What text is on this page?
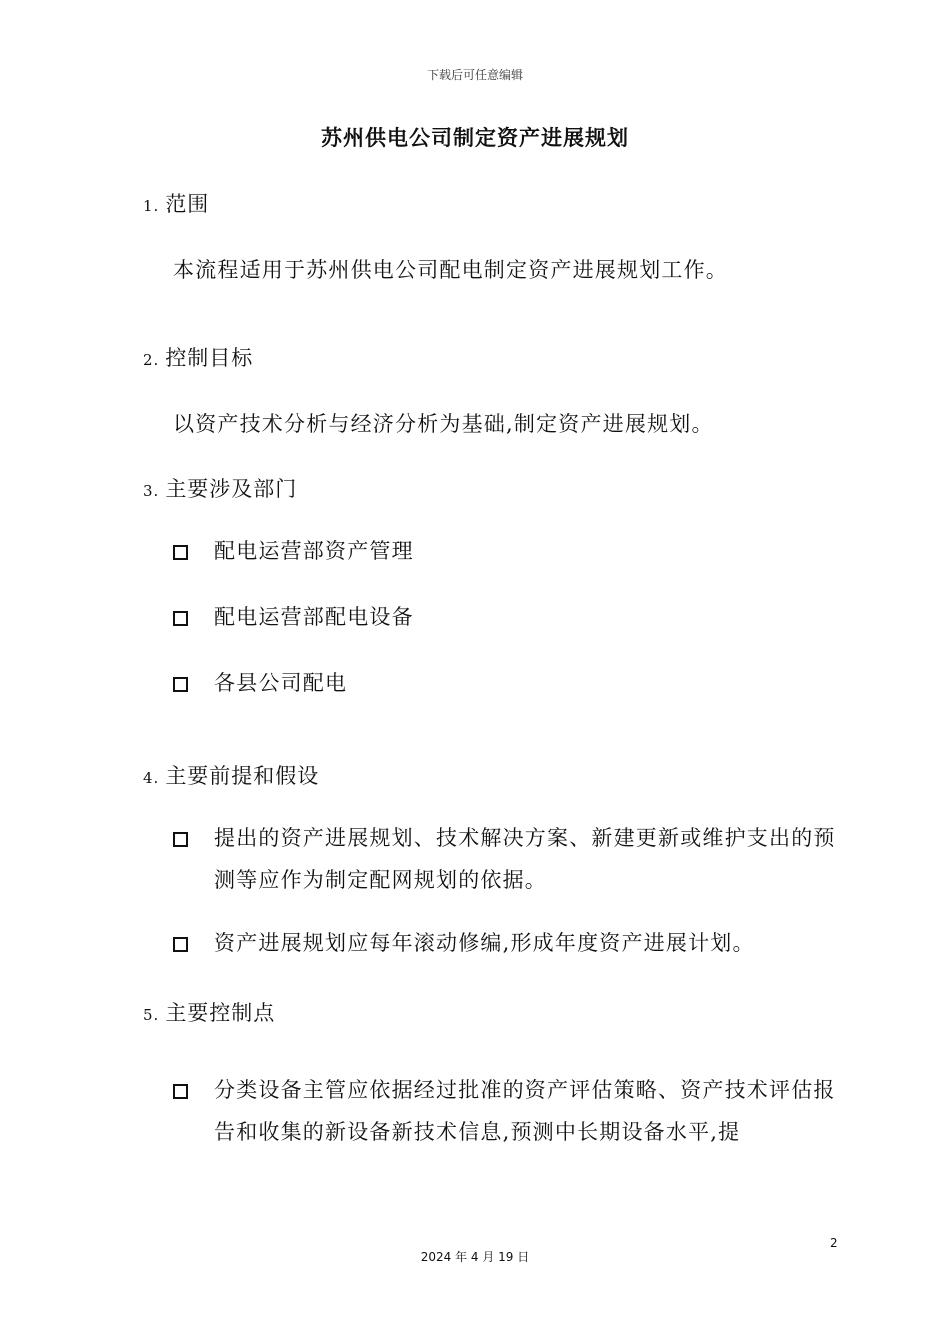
下载后可任意编辑
苏州供电公司制定资产进展规划
1. 范围
本流程适用于苏州供电公司配电制定资产进展规划工作。
2. 控制目标
以资产技术分析与经济分析为基础,制定资产进展规划。
3. 主要涉及部门
配电运营部资产管理
配电运营部配电设备
各县公司配电
4. 主要前提和假设
提出的资产进展规划、技术解决方案、新建更新或维护支出的预测等应作为制定配网规划的依据。
资产进展规划应每年滚动修编,形成年度资产进展计划。
5. 主要控制点
分类设备主管应依据经过批准的资产评估策略、资产技术评估报告和收集的新设备新技术信息,预测中长期设备水平,提
2
2024 年 4 月 19 日
